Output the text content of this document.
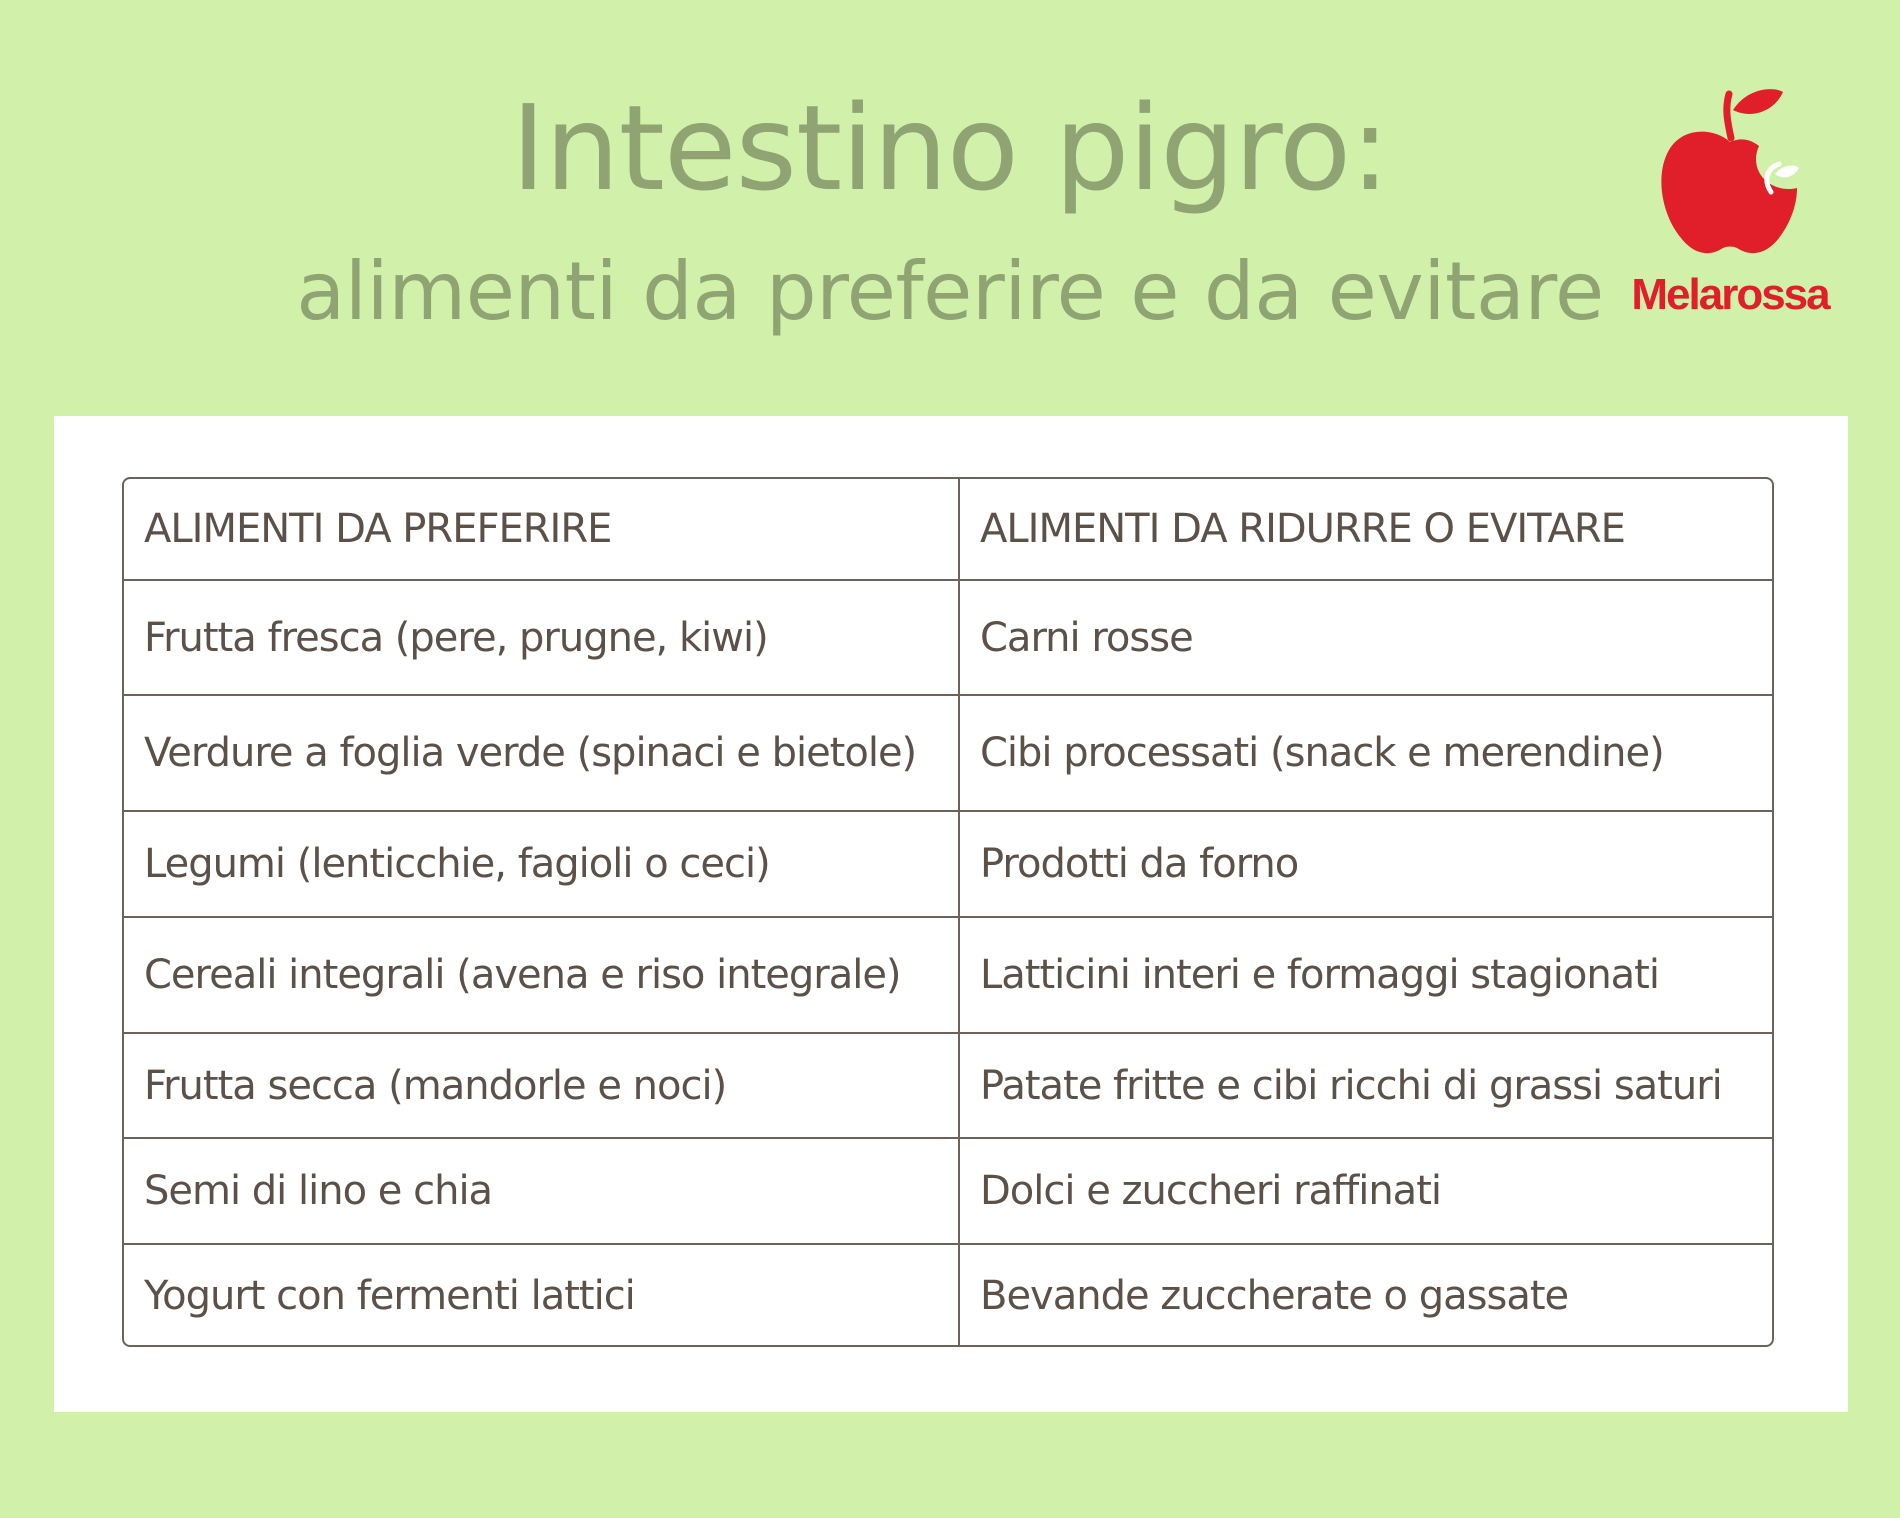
Intestino pigro:
alimenti da preferire e da evitare Melarossa
ALIMENTI DA PREFERIRE	ALIMENTI DA RIDURRE O EVITARE
Frutta fresca (pere, prugne, kiwi)	Carni rosse
Verdure a foglia verde (spinaci e bietole)	Cibi processati (snack e merendine)
Legumi (lenticchie, fagioli o ceci)	Prodotti da forno
Cereali integrali (avena e riso integrale)	Latticini interi e formaggi stagionati
Frutta secca (mandorle e noci)	Patate fritte e cibi ricchi di grassi saturi
Semi di lino e chia	Dolci e zuccheri raffinati
Yogurt con fermenti lattici	Bevande zuccherate o gassate
